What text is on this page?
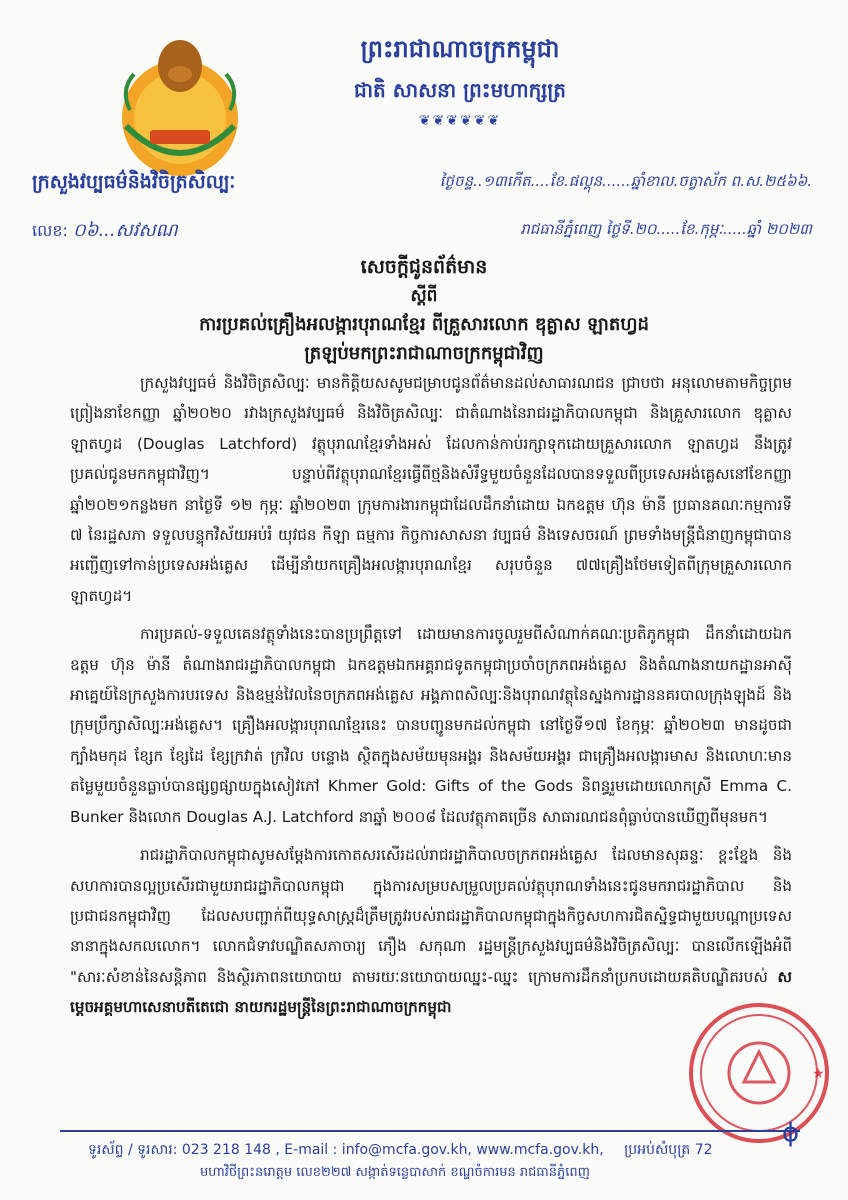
ព្រះរាជាណាចក្រកម្ពុជា
ជាតិ សាសនា ព្រះមហាក្សត្រ
❦❦❦❦❦❦
ក្រសួងវប្បធម៌និងវិចិត្រសិល្បៈ
លេខ: ០៦...សវសណ
ថ្ងៃចន្ទ..១៣កើត....ខែ.ផល្គុន......ឆ្នាំខាល.ចត្វាស័ក ព.ស.២៥៦៦.
រាជធានីភ្នំពេញ ថ្ងៃទី.២០.....ខែ.កុម្ភៈ.....ឆ្នាំ ២០២៣
សេចក្តីជូនព័ត៌មាន
ស្តីពី
ការប្រគល់គ្រឿងអលង្ការបុរាណខ្មែរ ពីគ្រួសារលោក ឌុគ្លាស ឡាតហ្វដ
ត្រឡប់មកព្រះរាជាណាចក្រកម្ពុជាវិញ

ក្រសួងវប្បធម៌ និងវិចិត្រសិល្បៈ មានកិត្តិយសសូមជម្រាបជូនព័ត៌មានដល់សាធារណជន ជ្រាបថា អនុលោមតាមកិច្ចព្រមព្រៀងនាខែកញ្ញា ឆ្នាំ២០២០ រវាងក្រសួងវប្បធម៌ និងវិចិត្រសិល្បៈ ជាតំណាងនៃរាជរដ្ឋាភិបាលកម្ពុជា និងគ្រួសារលោក ឌុគ្លាស ឡាតហ្វដ (Douglas Latchford) វត្ថុបុរាណខ្មែរទាំងអស់ ដែលកាន់កាប់រក្សាទុកដោយគ្រួសារលោក ឡាតហ្វដ នឹងត្រូវប្រគល់ជូនមកកម្ពុជាវិញ។ បន្ទាប់ពីវត្ថុបុរាណខ្មែរធ្វើពីថ្មនិងសំរឹទ្ធមួយចំនួនដែលបានទទួលពីប្រទេសអង់គ្លេសនៅខែកញ្ញា ឆ្នាំ២០២១កន្លងមក នាថ្ងៃទី ១២ កុម្ភៈ ឆ្នាំ២០២៣ ក្រុមការងារកម្ពុជាដែលដឹកនាំដោយ ឯកឧត្តម ហ៊ុន ម៉ានី ប្រធានគណៈកម្មការទី ៧ នៃរដ្ឋសភា ទទួលបន្ទុកវិស័យអប់រំ យុវជន កីឡា ធម្មការ កិច្ចការសាសនា វប្បធម៌ និងទេសចរណ៍ ព្រមទាំងមន្ត្រីជំនាញកម្ពុជាបានអញ្ជើញទៅកាន់ប្រទេសអង់គ្លេស ដើម្បីនាំយកគ្រឿងអលង្ការបុរាណខ្មែរ សរុបចំនួន ៧៧គ្រឿងថែមទៀតពីក្រុមគ្រួសារលោក ឡាតហ្វដ។

ការប្រគល់-ទទួលគេនវត្ថុទាំងនេះបានប្រព្រឹត្តទៅ ដោយមានការចូលរួមពីសំណាក់គណៈប្រតិភូកម្ពុជា ដឹកនាំដោយឯកឧត្តម ហ៊ុន ម៉ានី តំណាងរាជរដ្ឋាភិបាលកម្ពុជា ឯកឧត្តមឯកអគ្គរាជទូតកម្ពុជាប្រចាំចក្រភពអង់គ្លេស និងតំណាងនាយកដ្ឋានអាស៊ីអាគ្នេយ៍នៃក្រសួងការបរទេស និងឧម្មន់វៃលនៃចក្រភពអង់គ្លេស អង្គភាពសិល្បៈនិងបុរាណវត្ថុនៃស្នងការដ្ឋាននគរបាលក្រុងឡុងដ៍ និងក្រុមប្រឹក្សាសិល្បៈអង់គ្លេស។ គ្រឿងអលង្ការបុរាណខ្មែរនេះ បានបញ្ជូនមកដល់កម្ពុជា នៅថ្ងៃទី១៧ ខែកុម្ភៈ ឆ្នាំ២០២៣ មានដូចជា ក្បាំងមកុដ ខ្សែក ខ្សែដៃ ខ្សែក្រវាត់ ក្រវិល បន្ទោង ស្ថិតក្នុងសម័យមុនអង្គរ និងសម័យអង្គរ ជាគ្រឿងអលង្ការមាស និងលោហៈមានតម្លៃមួយចំនួនធ្លាប់បានផ្សព្វផ្សាយក្នុងសៀវភៅ Khmer Gold: Gifts of the Gods និពន្ធរួមដោយលោកស្រី Emma C. Bunker និងលោក Douglas A.J. Latchford នាឆ្នាំ ២០០៨ ដែលវត្ថុភាគច្រើន សាធារណជនពុំធ្លាប់បានឃើញពីមុនមក។

រាជរដ្ឋាភិបាលកម្ពុជាសូមសម្តែងការកោតសរសើរដល់រាជរដ្ឋាភិបាលចក្រភពអង់គ្លេស ដែលមានសុឆន្ទៈ ខ្ពះខ្នែង និងសហការបានល្អប្រសើរជាមួយរាជរដ្ឋាភិបាលកម្ពុជា ក្នុងការសម្របសម្រួលប្រគល់វត្ថុបុរាណទាំងនេះជូនមករាជរដ្ឋាភិបាល និងប្រជាជនកម្ពុជាវិញ ដែលសបញ្ជាក់ពីយុទ្ធសាស្ត្រដ៏ត្រឹមត្រូវរបស់រាជរដ្ឋាភិបាលកម្ពុជាក្នុងកិច្ចសហការជិតស្និទ្ធជាមួយបណ្តាប្រទេសនានាក្នុងសកលលោក។ លោកជំទាវបណ្ឌិតសភាចារ្យ ភឿង សកុណា រដ្ឋមន្ត្រីក្រសួងវប្បធម៌និងវិចិត្រសិល្បៈ បានលើកឡើងអំពី "សារៈសំខាន់នៃសន្តិភាព និងស្ថិរភាពនយោបាយ តាមរយៈនយោបាយឈ្នះ-ឈ្នះ ក្រោមការដឹកនាំប្រកបដោយគតិបណ្ឌិតរបស់ សម្តេចអគ្គមហាសេនាបតីតេជោ នាយករដ្ឋមន្ត្រីនៃព្រះរាជាណាចក្រកម្ពុជា

★
ទូរស័ព្ទ / ទូរសារ: 023 218 148 , E-mail : info@mcfa.gov.kh, www.mcfa.gov.kh, ប្រអប់សំបុត្រ 72
មហាវិថីព្រះនរោត្តម លេខ២២៧ សង្កាត់ទន្លេបាសាក់ ខណ្ឌចំការមន រាជធានីភ្នំពេញ
ϕ
